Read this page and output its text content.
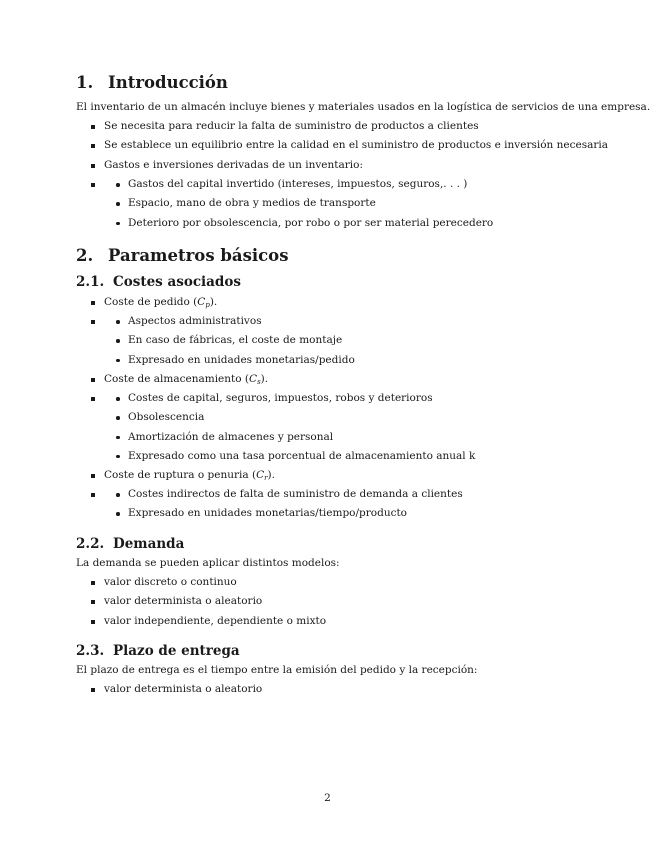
1. Introducción

El inventario de un almacén incluye bienes y materiales usados en la logística de servicios de una empresa.

Se necesita para reducir la falta de suministro de productos a clientes
Se establece un equilibrio entre la calidad en el suministro de productos e inversión necesaria
Gastos e inversiones derivadas de un inventario:
Gastos del capital invertido (intereses, impuestos, seguros,. . . )
Espacio, mano de obra y medios de transporte
Deterioro por obsolescencia, por robo o por ser material perecedero
2. Parametros básicos
2.1. Costes asociados
Coste de pedido $(C_p)$.
Aspectos administrativos
En caso de fábricas, el coste de montaje
Expresado en unidades monetarias/pedido
Coste de almacenamiento $(C_s)$.
Costes de capital, seguros, impuestos, robos y deterioros
Obsolescencia
Amortización de almacenes y personal
Expresado como una tasa porcentual de almacenamiento anual k
Coste de ruptura o penuria $(C_r)$.
Costes indirectos de falta de suministro de demanda a clientes
Expresado en unidades monetarias/tiempo/producto
2.2. Demanda

La demanda se pueden aplicar distintos modelos:

valor discreto o continuo
valor determinista o aleatorio
valor independiente, dependiente o mixto
2.3. Plazo de entrega

El plazo de entrega es el tiempo entre la emisión del pedido y la recepción:

valor determinista o aleatorio
2
